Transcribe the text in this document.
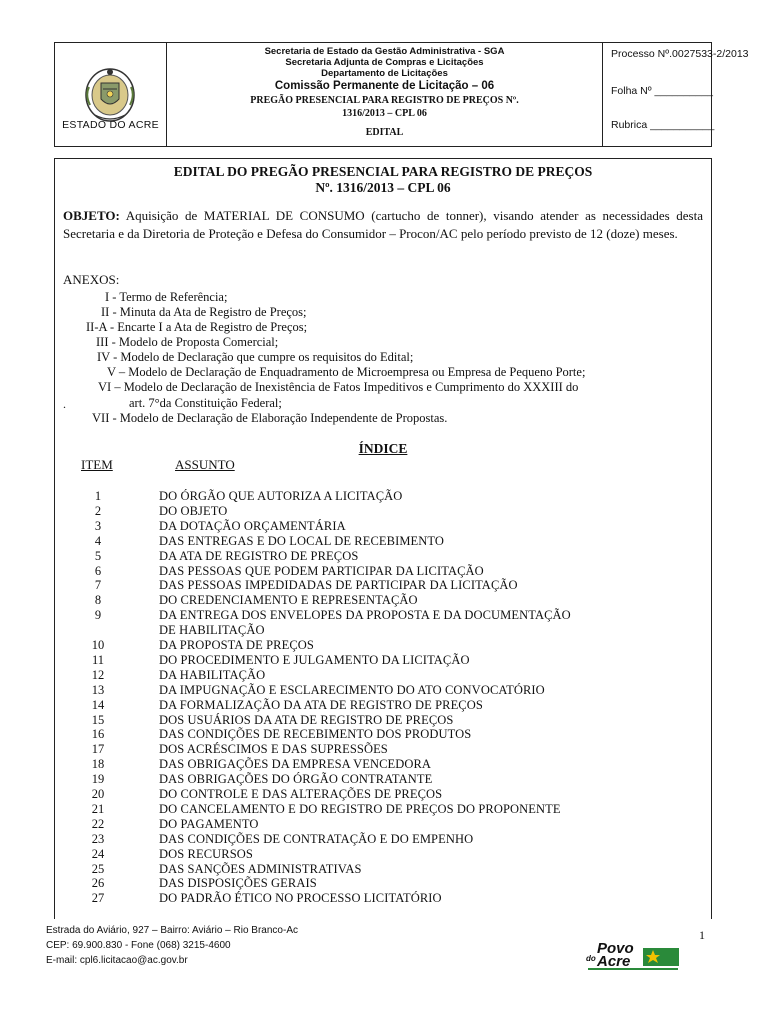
ESTADO DO ACRE
Secretaria de Estado da Gestão Administrativa - SGA
Secretaria Adjunta de Compras e Licitações
Departamento de Licitações
Comissão Permanente de Licitação – 06
PREGÃO PRESENCIAL PARA REGISTRO DE PREÇOS Nº.
1316/2013 – CPL 06
EDITAL
Processo Nº.0027533-2/2013
Folha Nº __________
Rubrica ___________
EDITAL DO PREGÃO PRESENCIAL PARA REGISTRO DE PREÇOS
Nº. 1316/2013 – CPL 06
OBJETO: Aquisição de MATERIAL DE CONSUMO (cartucho de tonner), visando atender as necessidades desta Secretaria e da Diretoria de Proteção e Defesa do Consumidor – Procon/AC pelo período previsto de 12 (doze) meses.
ANEXOS:
I - Termo de Referência;
II - Minuta da Ata de Registro de Preços;
II-A - Encarte I a Ata de Registro de Preços;
III - Modelo de Proposta Comercial;
IV - Modelo de Declaração que cumpre os requisitos do Edital;
V – Modelo de Declaração de Enquadramento de Microempresa ou Empresa de Pequeno Porte;
VI – Modelo de Declaração de Inexistência de Fatos Impeditivos e Cumprimento do XXXIII do
.	art. 7°da Constituição Federal;
VII - Modelo de Declaração de Elaboração Independente de Propostas.
ÍNDICE
ITEM	ASSUNTO
1	DO ÓRGÃO QUE AUTORIZA A LICITAÇÃO
2	DO OBJETO
3	DA DOTAÇÃO ORÇAMENTÁRIA
4	DAS ENTREGAS E DO LOCAL DE RECEBIMENTO
5	DA ATA DE REGISTRO DE PREÇOS
6	DAS PESSOAS QUE PODEM PARTICIPAR DA LICITAÇÃO
7	DAS PESSOAS IMPEDIDADAS DE PARTICIPAR DA LICITAÇÃO
8	DO CREDENCIAMENTO E REPRESENTAÇÃO
9	DA ENTREGA DOS ENVELOPES DA PROPOSTA E DA DOCUMENTAÇÃO
DE HABILITAÇÃO
10	DA PROPOSTA DE PREÇOS
11	DO PROCEDIMENTO E JULGAMENTO DA LICITAÇÃO
12	DA HABILITAÇÃO
13	DA IMPUGNAÇÃO E ESCLARECIMENTO DO ATO CONVOCATÓRIO
14	DA FORMALIZAÇÃO DA ATA DE REGISTRO DE PREÇOS
15	DOS USUÁRIOS DA ATA DE REGISTRO DE PREÇOS
16	DAS CONDIÇÕES DE RECEBIMENTO DOS PRODUTOS
17	DOS ACRÉSCIMOS E DAS SUPRESSÕES
18	DAS OBRIGAÇÕES DA EMPRESA VENCEDORA
19	DAS OBRIGAÇÕES DO ÓRGÃO CONTRATANTE
20	DO CONTROLE E DAS ALTERAÇÕES DE PREÇOS
21	DO CANCELAMENTO E DO REGISTRO DE PREÇOS DO PROPONENTE
22	DO PAGAMENTO
23	DAS CONDIÇÕES DE CONTRATAÇÃO E DO EMPENHO
24	DOS RECURSOS
25	DAS SANÇÕES ADMINISTRATIVAS
26	DAS DISPOSIÇÕES GERAIS
27	DO PADRÃO ÉTICO NO PROCESSO LICITATÓRIO
Estrada do Aviário, 927 – Bairro: Aviário – Rio Branco-Ac
CEP: 69.900.830 - Fone (068) 3215-4600
E-mail: cpl6.licitacao@ac.gov.br
1
Povo
do Acre
